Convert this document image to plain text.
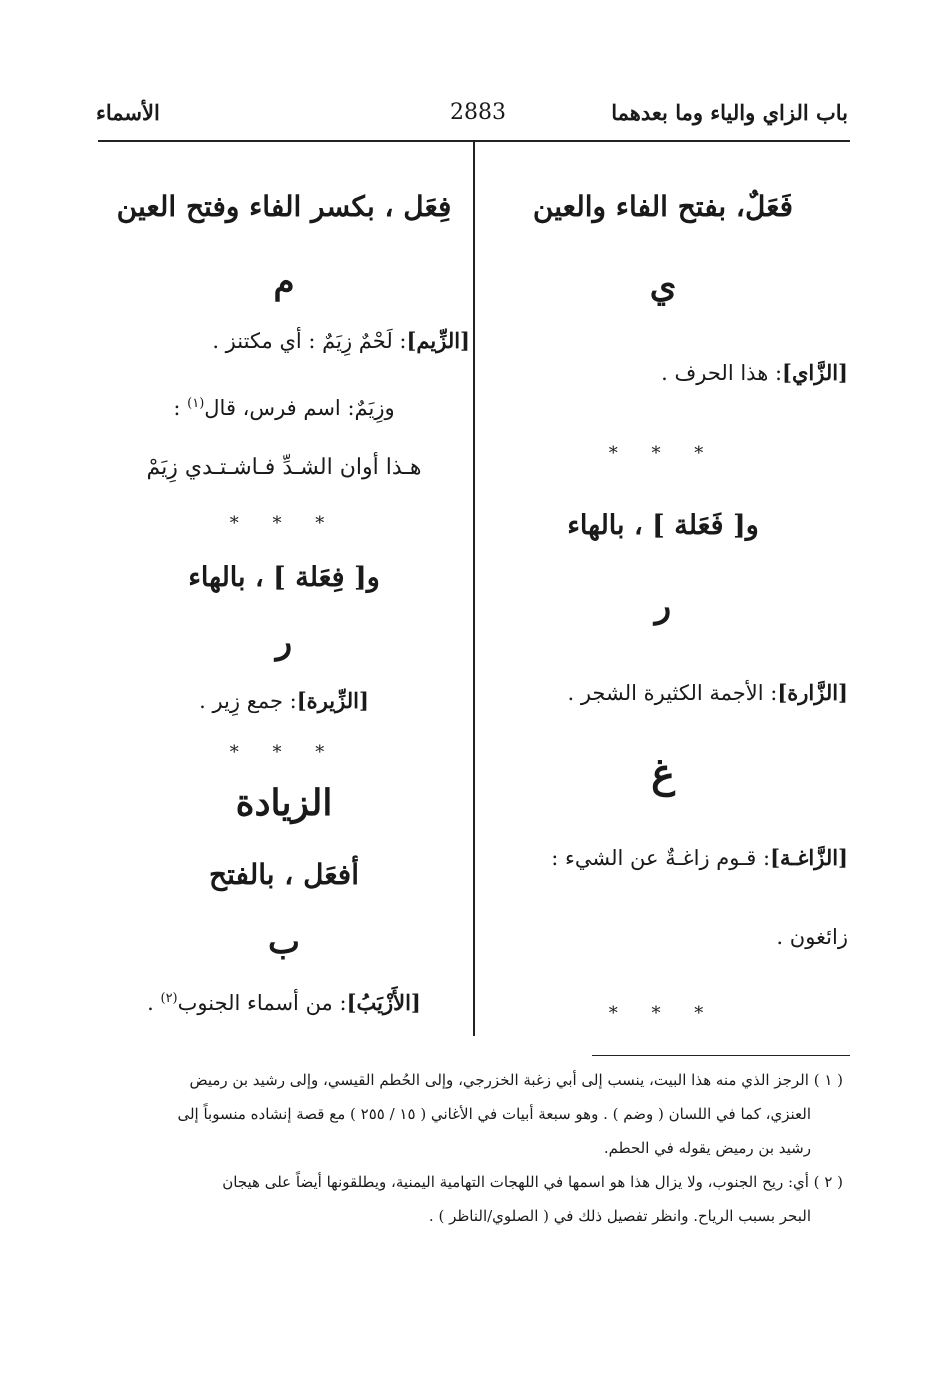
باب الزاي والياء وما بعدهما
2883
الأسماء
فَعَلٌ، بفتح الفاء والعين
ي
[الزَّاي]: هذا الحرف .
* * *
و[ فَعَلة ] ، بالهاء
ر
[الزَّارة]: الأجمة الكثيرة الشجر .
غ
[الزَّاغـة]: قـوم زاغـةٌ عن الشيء :
زائغون .
* * *
فِعَل ، بكسر الفاء وفتح العين
م
[الزِّيم]: لَحْمٌ زِيَمٌ : أي مكتنز .
وزِيَمٌ: اسم فرس، قال$^{(١)}$ :
هـذا أوان الشـدِّ فـاشـتـدي زِيَمْ
* * *
و[ فِعَلة ] ، بالهاء
ر
[الزِّيرة]: جمع زِير .
* * *
الزيادة
أفعَل ، بالفتح
ب
[الأَزْيَبُ]: من أسماء الجنوب$^{(٢)}$ .
( ١ ) الرجز الذي منه هذا البيت، ينسب إلى أبي زغبة الخزرجي، وإلى الحُطم القيسي، وإلى رشيد بن رميض
العنزي، كما في اللسان ( وضم ) . وهو سبعة أبيات في الأغاني ( ١٥ / ٢٥٥ ) مع قصة إنشاده منسوباً إلى
رشيد بن رميض يقوله في الحطم.
( ٢ ) أي: ريح الجنوب، ولا يزال هذا هو اسمها في اللهجات التهامية اليمنية، ويطلقونها أيضاً على هيجان
البحر بسبب الرياح. وانظر تفصيل ذلك في ( الصلوي/الناظر ) .
